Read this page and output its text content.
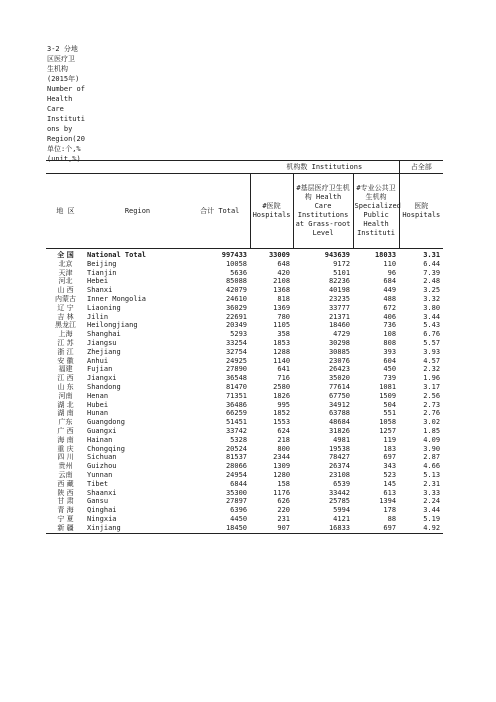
3-2 分地
区医疗卫
生机构
(2015年)
Number of
Health
Care
Instituti
ons by
Region(20
单位:个,%
(unit,%)
			机构数 Institutions			占全部
地 区	Region	合计 Total	#医院 Hospitals	#基层医疗卫生机构 Health Care Institutions at Grass-root Level	#专业公共卫生机构 Specialized Public Health Instituti	医院 Hospitals
全 国	National Total	997433	33009	943639	18033	3.31
北京	Beijing	10058	648	9172	110	6.44
天津	Tianjin	5636	420	5101	96	7.39
河北	Hebei	85088	2108	82236	684	2.48
山 西	Shanxi	42079	1368	40198	449	3.25
内蒙古	Inner Mongolia	24610	818	23235	488	3.32
辽 宁	Liaoning	36029	1369	33777	672	3.80
吉 林	Jilin	22691	780	21371	406	3.44
黑龙江	Heilongjiang	20349	1105	18460	736	5.43
上海	Shanghai	5293	358	4729	108	6.76
江 苏	Jiangsu	33254	1853	30298	808	5.57
浙 江	Zhejiang	32754	1288	30885	393	3.93
安 徽	Anhui	24925	1140	23076	604	4.57
福建	Fujian	27890	641	26423	450	2.32
江 西	Jiangxi	36548	716	35020	739	1.96
山 东	Shandong	81470	2580	77614	1081	3.17
河南	Henan	71351	1826	67750	1509	2.56
湖 北	Hubei	36486	995	34912	504	2.73
湖 南	Hunan	66259	1852	63788	551	2.76
广东	Guangdong	51451	1553	48684	1058	3.02
广 西	Guangxi	33742	624	31826	1257	1.85
海 南	Hainan	5328	218	4981	119	4.09
重 庆	Chongqing	20524	800	19538	183	3.90
四 川	Sichuan	81537	2344	78427	697	2.87
贵州	Guizhou	28066	1309	26374	343	4.66
云南	Yunnan	24954	1280	23108	523	5.13
西 藏	Tibet	6844	158	6539	145	2.31
陕 西	Shaanxi	35300	1176	33442	613	3.33
甘 肃	Gansu	27897	626	25785	1394	2.24
青 海	Qinghai	6396	220	5994	178	3.44
宁 夏	Ningxia	4450	231	4121	88	5.19
新 疆	Xinjiang	18450	907	16833	697	4.92
